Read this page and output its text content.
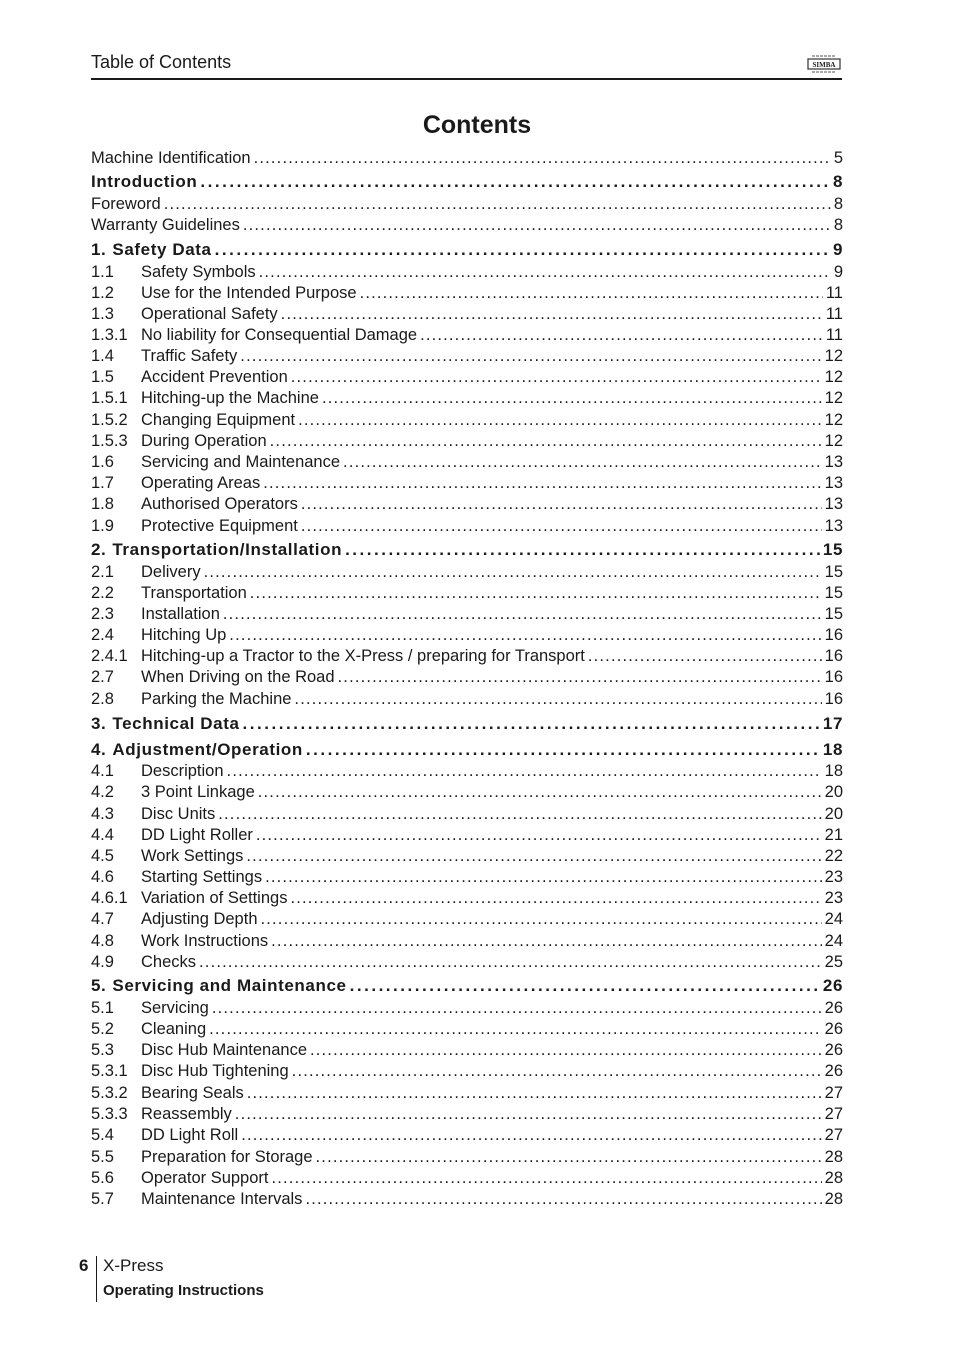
Table of Contents	SIMBA
Contents
Machine Identification . . .	5
Introduction . . .	8
Foreword . . .	8
Warranty Guidelines . . .	8
1. Safety Data . . .	9
1.1	Safety Symbols . . .	9
1.2	Use for the Intended Purpose . . .	11
1.3	Operational Safety . . .	11
1.3.1 No liability for Consequential Damage . . .	11
1.4	Traffic Safety . . .	12
1.5	Accident Prevention . . .	12
1.5.1 Hitching-up the Machine . . .	12
1.5.2 Changing Equipment . . .	12
1.5.3 During Operation . . .	12
1.6	Servicing and Maintenance . . .	13
1.7	Operating Areas . . .	13
1.8	Authorised Operators . . .	13
1.9	Protective Equipment . . .	13
2. Transportation/Installation . . .	15
2.1	Delivery . . .	15
2.2	Transportation . . .	15
2.3	Installation . . .	15
2.4	Hitching Up . . .	16
2.4.1 Hitching-up a Tractor to the X-Press / preparing for Transport . . .	16
2.7	When Driving on the Road . . .	16
2.8	Parking the Machine . . .	16
3. Technical Data . . .	17
4. Adjustment/Operation . . .	18
4.1	Description . . .	18
4.2	3 Point Linkage . . .	20
4.3	Disc Units . . .	20
4.4	DD Light Roller . . .	21
4.5	Work Settings . . .	22
4.6	Starting Settings . . .	23
4.6.1 Variation of Settings . . .	23
4.7	Adjusting Depth . . .	24
4.8	Work Instructions . . .	24
4.9	Checks . . .	25
5. Servicing and Maintenance . . .	26
5.1	Servicing . . .	26
5.2	Cleaning . . .	26
5.3	Disc Hub Maintenance . . .	26
5.3.1 Disc Hub Tightening . . .	26
5.3.2 Bearing Seals . . .	27
5.3.3 Reassembly . . .	27
5.4	DD Light Roll . . .	27
5.5	Preparation for Storage . . .	28
5.6	Operator Support . . .	28
5.7	Maintenance Intervals . . .	28
6 X-Press
Operating Instructions
